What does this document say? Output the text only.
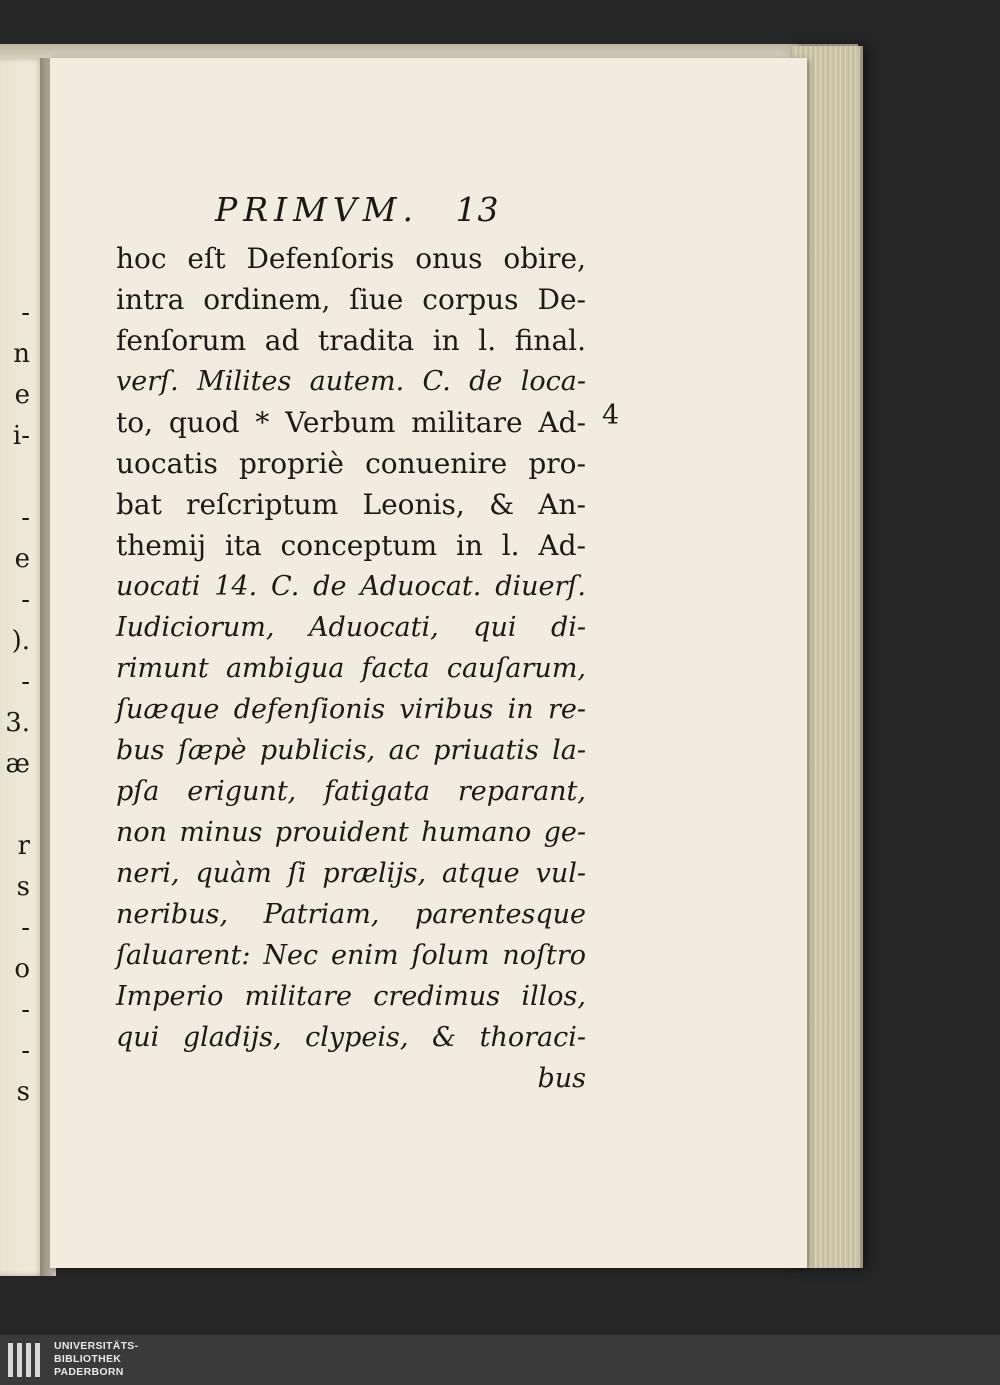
-
n
e
i-
-
e
-
).
-
3.
æ
r
s
-
o
-
-
s
PRIMVM. 13
hoc eſt Defenſoris onus obire,
intra ordinem, ſiue corpus De-
fenſorum ad tradita in l. final.
verſ. Milites autem. C. de loca-
to, quod * Verbum militare Ad-
uocatis propriè conuenire pro-
bat reſcriptum Leonis, & An-
themij ita conceptum in l. Ad-
uocati 14. C. de Aduocat. diuerſ.
Iudiciorum, Aduocati, qui di-
rimunt ambigua facta cauſarum,
ſuæque defenſionis viribus in re-
bus ſæpè publicis, ac priuatis la-
pſa erigunt, fatigata reparant,
non minus prouident humano ge-
neri, quàm ſi prælijs, atque vul-
neribus, Patriam, parentesque
ſaluarent: Nec enim ſolum noſtro
Imperio militare credimus illos,
qui gladijs, clypeis, & thoraci-
bus
4
UNIVERSITÄTS-
BIBLIOTHEK
PADERBORN
